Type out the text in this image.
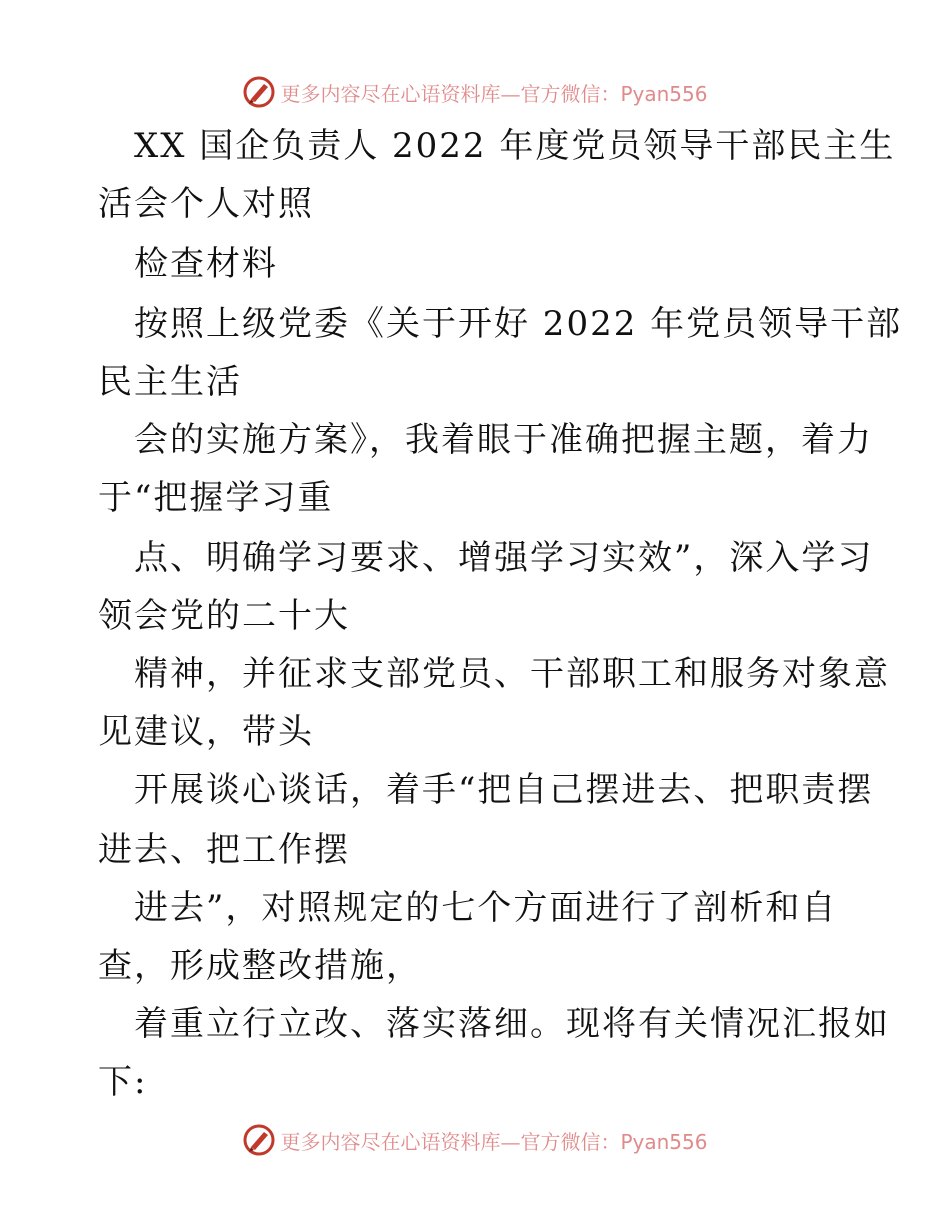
更多内容尽在心语资料库— 官方微信：Pyan556
XX 国企负责人 2022 年度党员领导干部民主生
活会个人对照
检查材料
按照上级党委《关于开好 2022 年党员领导干部
民主生活
会的实施方案》，我着眼于准确把握主题，着力
于“把握学习重
点、明确学习要求、增强学习实效”，深入学习
领会党的二十大
精神，并征求支部党员、干部职工和服务对象意
见建议，带头
开展谈心谈话，着手“把自己摆进去、把职责摆
进去、把工作摆
进去”，对照规定的七个方面进行了剖析和自
查，形成整改措施，
着重立行立改、落实落细。现将有关情况汇报如
下:
更多内容尽在心语资料库— 官方微信：Pyan556
